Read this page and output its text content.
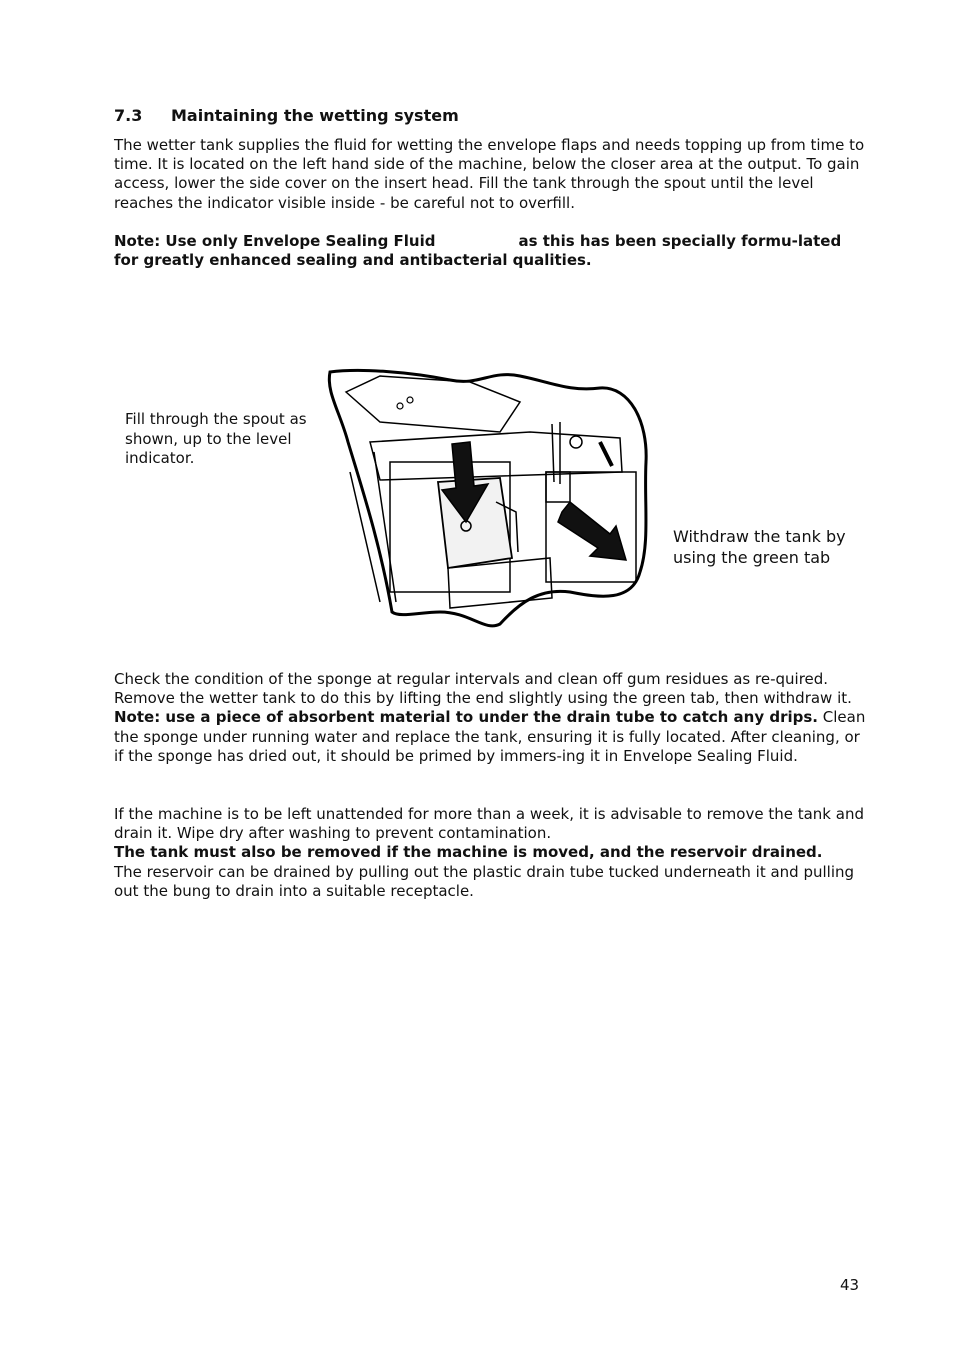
7.3 Maintaining the wetting system

The wetter tank supplies the fluid for wetting the envelope flaps and needs topping up from time to time. It is located on the left hand side of the machine, below the closer area at the output. To gain access, lower the side cover on the insert head. Fill the tank through the spout until the level reaches the indicator visible inside - be careful not to overfill.

Note: Use only Envelope Sealing Fluid	as this has been specially formu-lated for greatly enhanced sealing and antibacterial qualities.

Fill through the spout as shown, up to the level indicator.

Withdraw the tank by using the green tab

Check the condition of the sponge at regular intervals and clean off gum residues as re-quired. Remove the wetter tank to do this by lifting the end slightly using the green tab, then withdraw it. Note: use a piece of absorbent material to under the drain tube to catch any drips. Clean the sponge under running water and replace the tank, ensuring it is fully located. After cleaning, or if the sponge has dried out, it should be primed by immers-ing it in Envelope Sealing Fluid.

If the machine is to be left unattended for more than a week, it is advisable to remove the tank and drain it. Wipe dry after washing to prevent contamination.
The tank must also be removed if the machine is moved, and the reservoir drained.
The reservoir can be drained by pulling out the plastic drain tube tucked underneath it and pulling out the bung to drain into a suitable receptacle.

43
